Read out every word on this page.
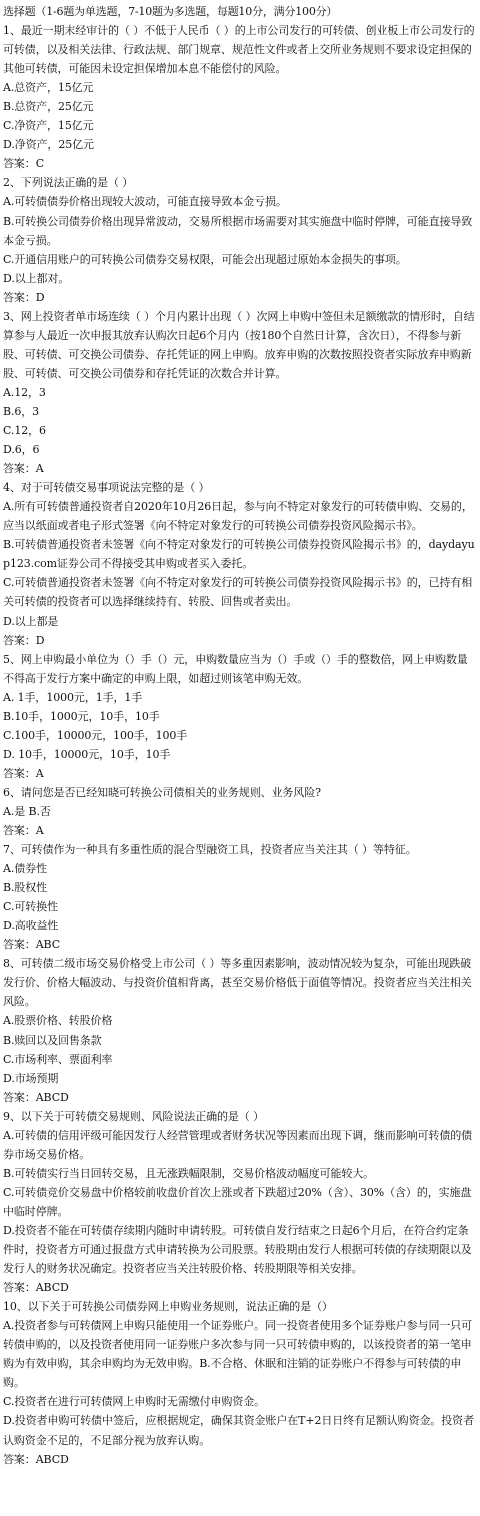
选择题（1-6题为单选题，7-10题为多选题，每题10分，满分100分）

1、最近一期末经审计的（ ）不低于人民币（ ）的上市公司发行的可转债、创业板上市公司发行的可转债，以及相关法律、行政法规、部门规章、规范性文件或者上交所业务规则不要求设定担保的其他可转债，可能因未设定担保增加本息不能偿付的风险。

A.总资产，15亿元

B.总资产，25亿元

C.净资产，15亿元

D.净资产，25亿元

答案：C

2、下列说法正确的是（ ）

A.可转债债券价格出现较大波动，可能直接导致本金亏损。

B.可转换公司债券价格出现异常波动，交易所根据市场需要对其实施盘中临时停牌，可能直接导致本金亏损。

C.开通信用账户的可转换公司债券交易权限，可能会出现超过原始本金损失的事项。

D.以上都对。

答案：D

3、网上投资者单市场连续（ ）个月内累计出现（ ）次网上申购中签但未足额缴款的情形时，自结算参与人最近一次申报其放弃认购次日起6个月内（按180个自然日计算，含次日），不得参与新股、可转债、可交换公司债券、存托凭证的网上申购。放弃申购的次数按照投资者实际放弃申购新股、可转债、可交换公司债券和存托凭证的次数合并计算。

A.12，3

B.6，3

C.12，6

D.6，6

答案：A

4、对于可转债交易事项说法完整的是（ ）

A.所有可转债普通投资者自2020年10月26日起，参与向不特定对象发行的可转债申购、交易的，应当以纸面或者电子形式签署《向不特定对象发行的可转换公司债券投资风险揭示书》。

B.可转债普通投资者未签署《向不特定对象发行的可转换公司债券投资风险揭示书》的，daydayup123.com证券公司不得接受其申购或者买入委托。

C.可转债普通投资者未签署《向不特定对象发行的可转换公司债券投资风险揭示书》的，已持有相关可转债的投资者可以选择继续持有、转股、回售或者卖出。

D.以上都是

答案：D

5、网上申购最小单位为（）手（）元，申购数量应当为（）手或（）手的整数倍，网上申购数量不得高于发行方案中确定的申购上限，如超过则该笔申购无效。

A. 1手，1000元，1手，1手

B.10手，1000元，10手，10手

C.100手，10000元，100手，100手

D. 10手，10000元，10手，10手

答案：A

6、请问您是否已经知晓可转换公司债相关的业务规则、业务风险?

A.是 B.否

答案：A

7、可转债作为一种具有多重性质的混合型融资工具，投资者应当关注其（ ）等特征。

A.债券性

B.股权性

C.可转换性

D.高收益性

答案：ABC

8、可转债二级市场交易价格受上市公司（ ）等多重因素影响，波动情况较为复杂，可能出现跌破发行价、价格大幅波动、与投资价值相背离，甚至交易价格低于面值等情况。投资者应当关注相关风险。

A.股票价格、转股价格

B.赎回以及回售条款

C.市场利率、票面利率

D.市场预期

答案：ABCD

9、以下关于可转债交易规则、风险说法正确的是（ ）

A.可转债的信用评级可能因发行人经营管理或者财务状况等因素而出现下调，继而影响可转债的债券市场交易价格。

B.可转债实行当日回转交易，且无涨跌幅限制，交易价格波动幅度可能较大。

C.可转债竞价交易盘中价格较前收盘价首次上涨或者下跌超过20%（含）、30%（含）的，实施盘中临时停牌。

D.投资者不能在可转债存续期内随时申请转股。可转债自发行结束之日起6个月后，在符合约定条件时，投资者方可通过报盘方式申请转换为公司股票。转股期由发行人根据可转债的存续期限以及发行人的财务状况确定。投资者应当关注转股价格、转股期限等相关安排。

答案：ABCD

10、以下关于可转换公司债券网上申购业务规则，说法正确的是（）

A.投资者参与可转债网上申购只能使用一个证券账户。同一投资者使用多个证券账户参与同一只可转债申购的，以及投资者使用同一证券账户多次参与同一只可转债申购的，以该投资者的第一笔申购为有效申购，其余申购均为无效申购。B.不合格、休眠和注销的证券账户不得参与可转债的申购。

C.投资者在进行可转债网上申购时无需缴付申购资金。

D.投资者申购可转债中签后，应根据规定，确保其资金账户在T+2日日终有足额认购资金。投资者认购资金不足的，不足部分视为放弃认购。

答案：ABCD
